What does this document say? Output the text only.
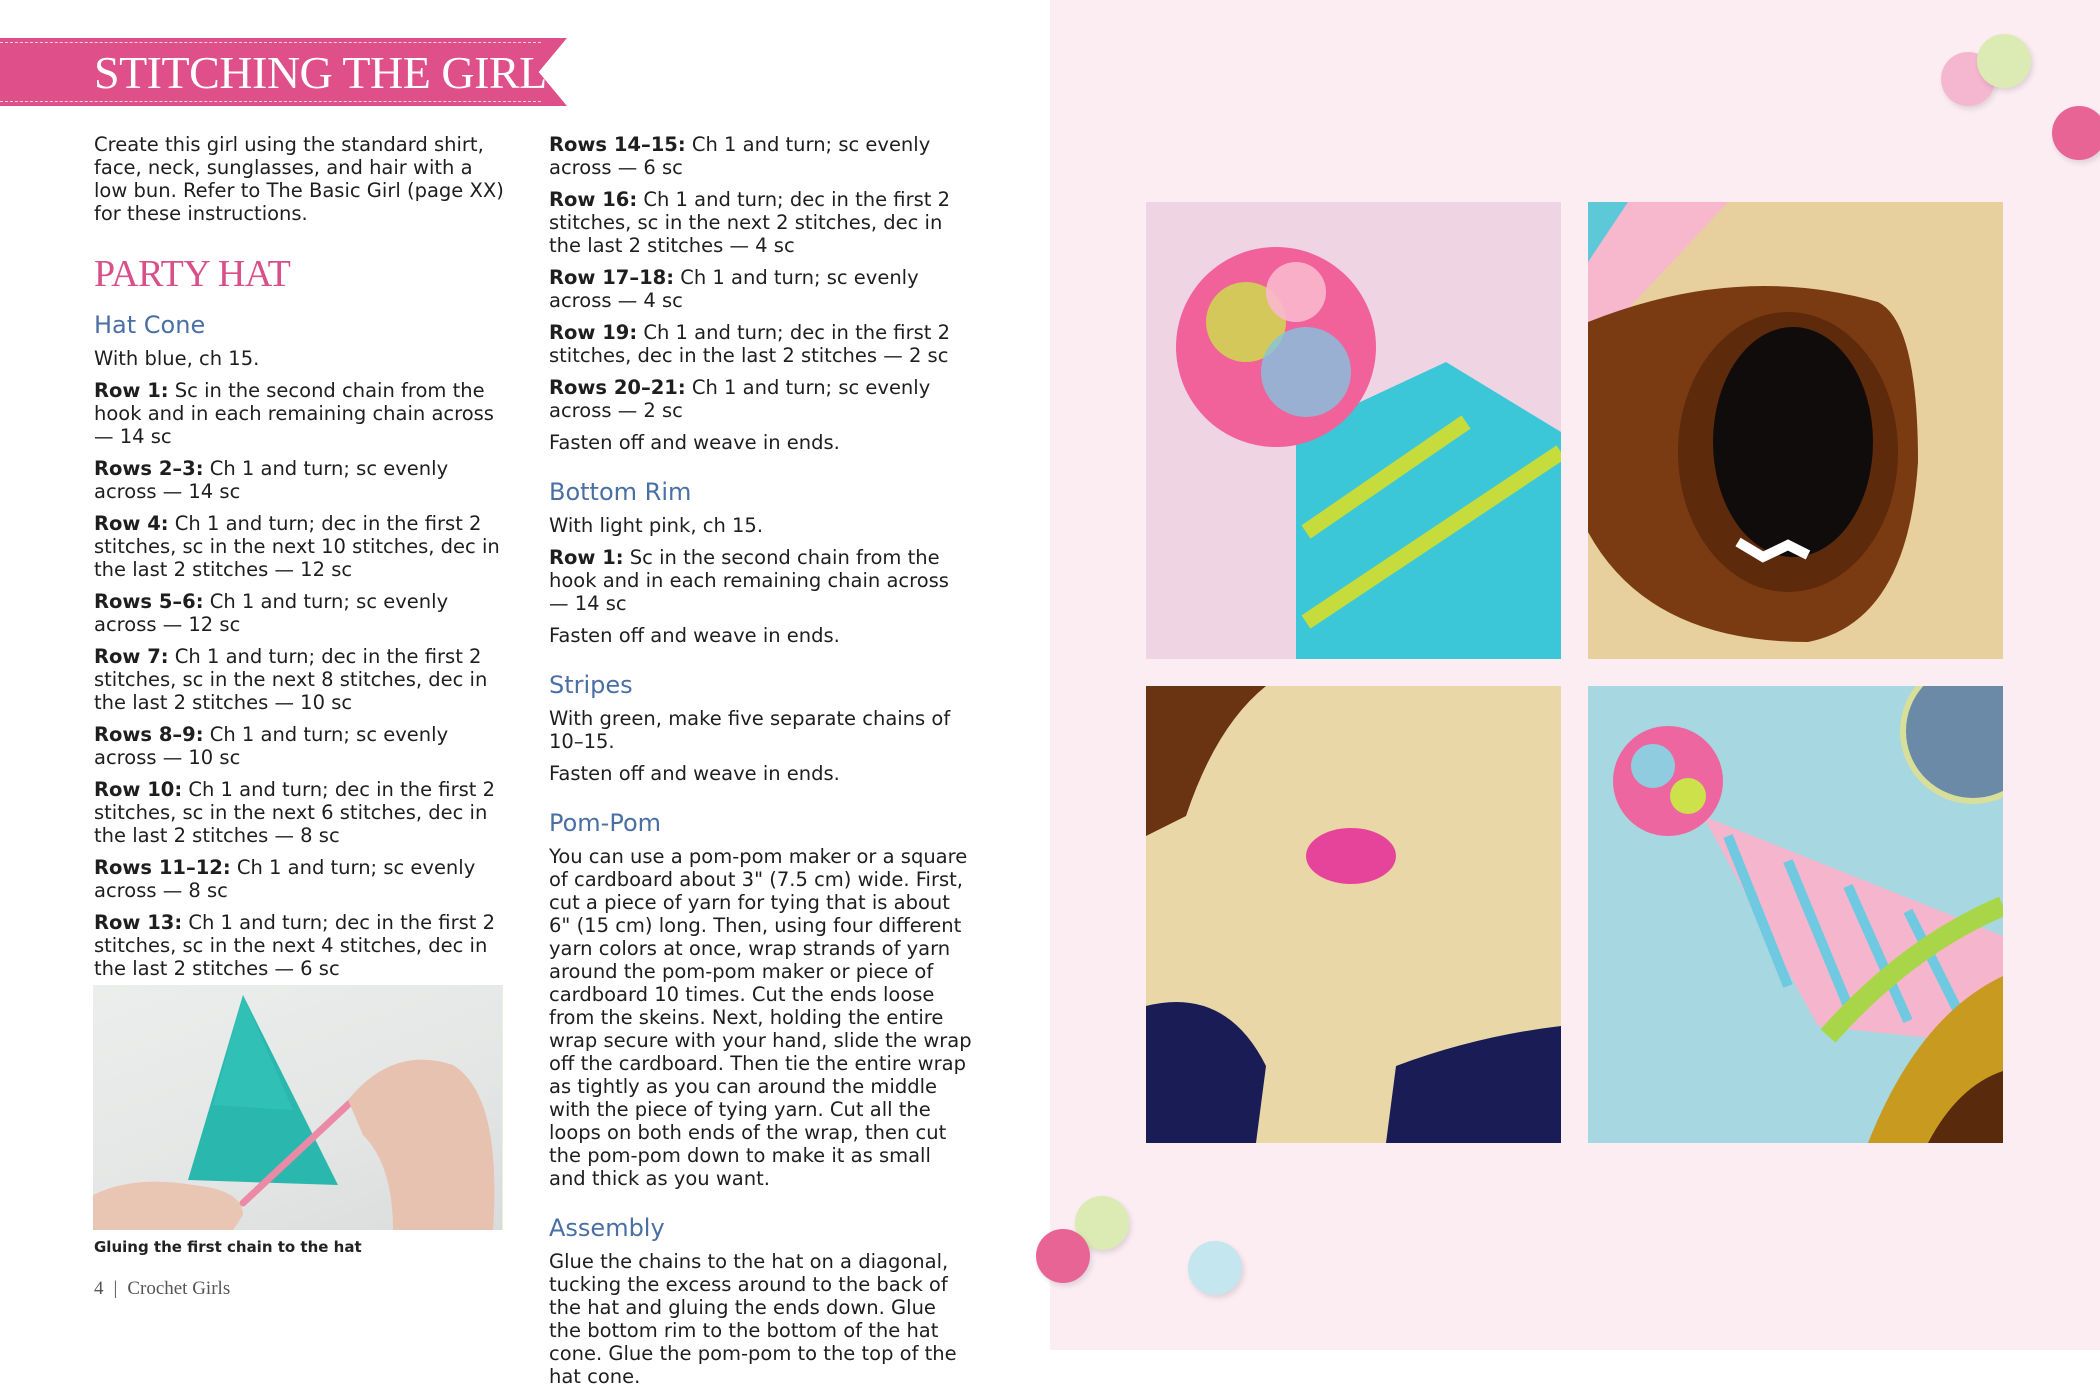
STITCHING THE GIRL

Create this girl using the standard shirt, face, neck, sunglasses, and hair with a low bun. Refer to The Basic Girl (page XX) for these instructions.

PARTY HAT
Hat Cone

With blue, ch 15.

Row 1: Sc in the second chain from the hook and in each remaining chain across — 14 sc

Rows 2–3: Ch 1 and turn; sc evenly across — 14 sc

Row 4: Ch 1 and turn; dec in the first 2 stitches, sc in the next 10 stitches, dec in the last 2 stitches — 12 sc

Rows 5–6: Ch 1 and turn; sc evenly across — 12 sc

Row 7: Ch 1 and turn; dec in the first 2 stitches, sc in the next 8 stitches, dec in the last 2 stitches — 10 sc

Rows 8–9: Ch 1 and turn; sc evenly across — 10 sc

Row 10: Ch 1 and turn; dec in the first 2 stitches, sc in the next 6 stitches, dec in the last 2 stitches — 8 sc

Rows 11–12: Ch 1 and turn; sc evenly across — 8 sc

Row 13: Ch 1 and turn; dec in the first 2 stitches, sc in the next 4 stitches, dec in the last 2 stitches — 6 sc

Gluing the first chain to the hat
4 | Crochet Girls

Rows 14–15: Ch 1 and turn; sc evenly across — 6 sc

Row 16: Ch 1 and turn; dec in the first 2 stitches, sc in the next 2 stitches, dec in the last 2 stitches — 4 sc

Row 17–18: Ch 1 and turn; sc evenly across — 4 sc

Row 19: Ch 1 and turn; dec in the first 2 stitches, dec in the last 2 stitches — 2 sc

Rows 20–21: Ch 1 and turn; sc evenly across — 2 sc

Fasten off and weave in ends.

Bottom Rim

With light pink, ch 15.

Row 1: Sc in the second chain from the hook and in each remaining chain across — 14 sc

Fasten off and weave in ends.

Stripes

With green, make five separate chains of 10–15.

Fasten off and weave in ends.

Pom-Pom

You can use a pom-pom maker or a square of cardboard about 3" (7.5 cm) wide. First, cut a piece of yarn for tying that is about 6" (15 cm) long. Then, using four different yarn colors at once, wrap strands of yarn around the pom-pom maker or piece of cardboard 10 times. Cut the ends loose from the skeins. Next, holding the entire wrap secure with your hand, slide the wrap off the cardboard. Then tie the entire wrap as tightly as you can around the middle with the piece of tying yarn. Cut all the loops on both ends of the wrap, then cut the pom-pom down to make it as small and thick as you want.

Assembly

Glue the chains to the hat on a diagonal, tucking the excess around to the back of the hat and gluing the ends down. Glue the bottom rim to the bottom of the hat cone. Glue the pom-pom to the top of the hat cone.
